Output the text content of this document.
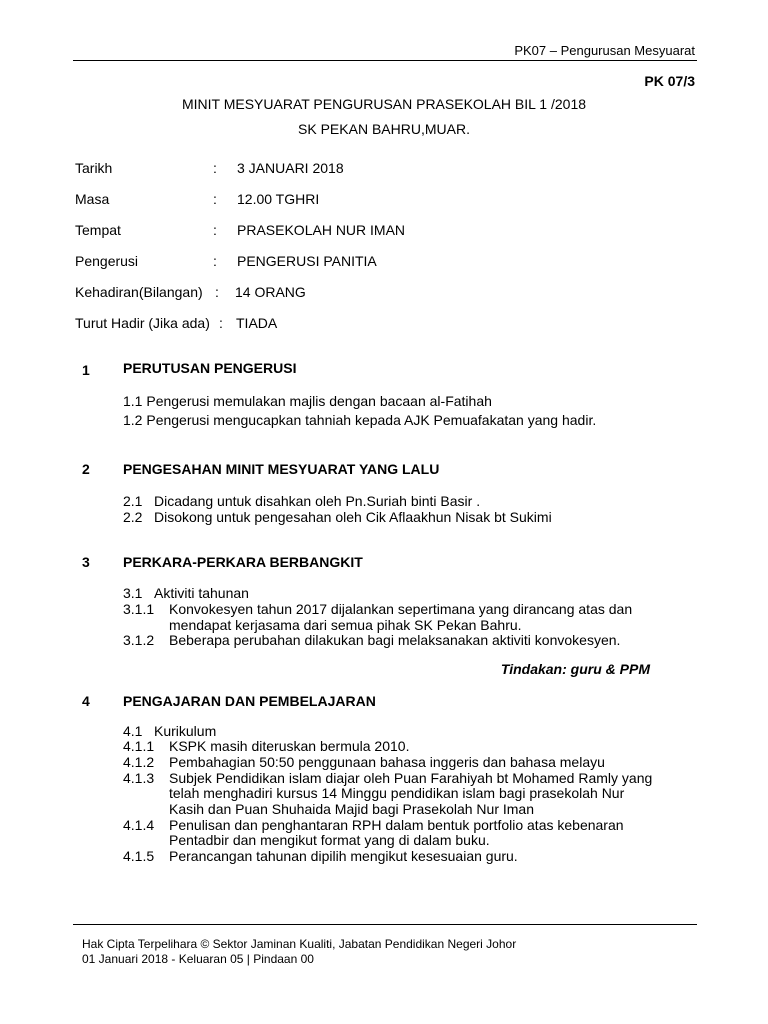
PK07 – Pengurusan Mesyuarat
PK 07/3
MINIT MESYUARAT PENGURUSAN PRASEKOLAH BIL 1 /2018
SK PEKAN BAHRU,MUAR.
Tarikh	: 3 JANUARI 2018
Masa	: 12.00 TGHRI
Tempat	: PRASEKOLAH NUR IMAN
Pengerusi	: PENGERUSI PANITIA
Kehadiran(Bilangan) : 14 ORANG
Turut Hadir (Jika ada) : TIADA
1 PERUTUSAN PENGERUSI
1.1 Pengerusi memulakan majlis dengan bacaan al-Fatihah
1.2 Pengerusi mengucapkan tahniah kepada AJK Pemuafakatan yang hadir.
2 PENGESAHAN MINIT MESYUARAT YANG LALU
2.1 Dicadang untuk disahkan oleh Pn.Suriah binti Basir .
2.2 Disokong untuk pengesahan oleh Cik Aflaakhun Nisak bt Sukimi
3 PERKARA-PERKARA BERBANGKIT
3.1 Aktiviti tahunan
3.1.1 Konvokesyen tahun 2017 dijalankan sepertimana yang dirancang atas dan
mendapat kerjasama dari semua pihak SK Pekan Bahru.
3.1.2 Beberapa perubahan dilakukan bagi melaksanakan aktiviti konvokesyen.
Tindakan: guru & PPM
4 PENGAJARAN DAN PEMBELAJARAN
4.1 Kurikulum
4.1.1 KSPK masih diteruskan bermula 2010.
4.1.2 Pembahagian 50:50 penggunaan bahasa inggeris dan bahasa melayu
4.1.3 Subjek Pendidikan islam diajar oleh Puan Farahiyah bt Mohamed Ramly yang
telah menghadiri kursus 14 Minggu pendidikan islam bagi prasekolah Nur
Kasih dan Puan Shuhaida Majid bagi Prasekolah Nur Iman
4.1.4 Penulisan dan penghantaran RPH dalam bentuk portfolio atas kebenaran
Pentadbir dan mengikut format yang di dalam buku.
4.1.5 Perancangan tahunan dipilih mengikut kesesuaian guru.
Hak Cipta Terpelihara © Sektor Jaminan Kualiti, Jabatan Pendidikan Negeri Johor
01 Januari 2018 - Keluaran 05 | Pindaan 00
